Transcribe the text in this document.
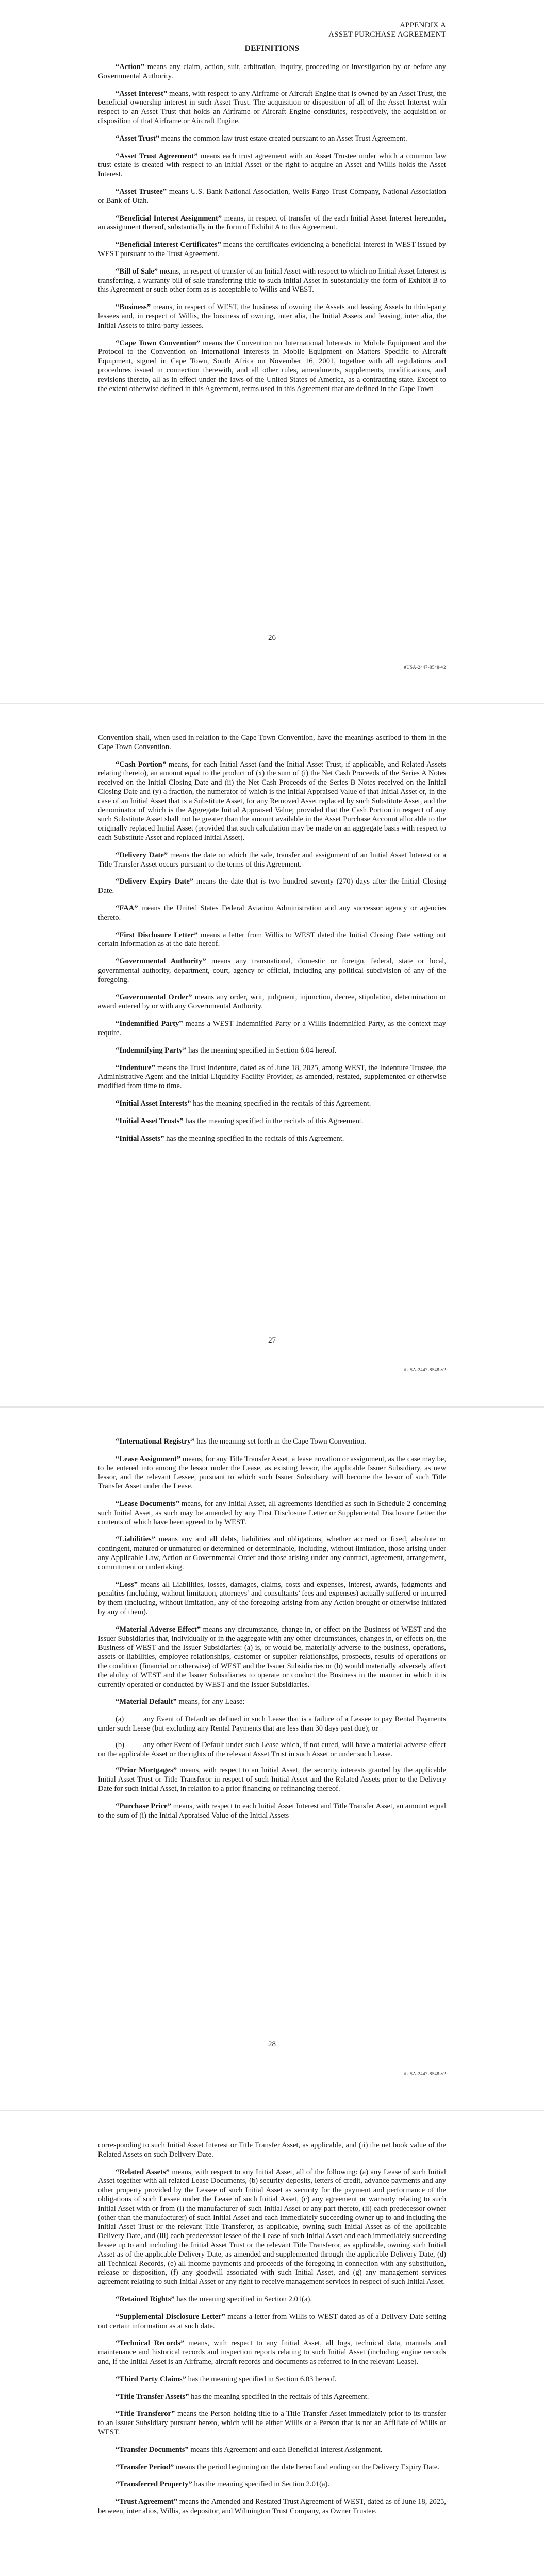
APPENDIX A
ASSET PURCHASE AGREEMENT
DEFINITIONS

“Action” means any claim, action, suit, arbitration, inquiry, proceeding or investigation by or before any Governmental Authority.

“Asset Interest” means, with respect to any Airframe or Aircraft Engine that is owned by an Asset Trust, the beneficial ownership interest in such Asset Trust. The acquisition or disposition of all of the Asset Interest with respect to an Asset Trust that holds an Airframe or Aircraft Engine constitutes, respectively, the acquisition or disposition of that Airframe or Aircraft Engine.

“Asset Trust” means the common law trust estate created pursuant to an Asset Trust Agreement.

“Asset Trust Agreement” means each trust agreement with an Asset Trustee under which a common law trust estate is created with respect to an Initial Asset or the right to acquire an Asset and Willis holds the Asset Interest.

“Asset Trustee” means U.S. Bank National Association, Wells Fargo Trust Company, National Association or Bank of Utah.

“Beneficial Interest Assignment” means, in respect of transfer of the each Initial Asset Interest hereunder, an assignment thereof, substantially in the form of Exhibit A to this Agreement.

“Beneficial Interest Certificates” means the certificates evidencing a beneficial interest in WEST issued by WEST pursuant to the Trust Agreement.

“Bill of Sale” means, in respect of transfer of an Initial Asset with respect to which no Initial Asset Interest is transferring, a warranty bill of sale transferring title to such Initial Asset in substantially the form of Exhibit B to this Agreement or such other form as is acceptable to Willis and WEST.

“Business” means, in respect of WEST, the business of owning the Assets and leasing Assets to third-party lessees and, in respect of Willis, the business of owning, inter alia, the Initial Assets and leasing, inter alia, the Initial Assets to third-party lessees.

“Cape Town Convention” means the Convention on International Interests in Mobile Equipment and the Protocol to the Convention on International Interests in Mobile Equipment on Matters Specific to Aircraft Equipment, signed in Cape Town, South Africa on November 16, 2001, together with all regulations and procedures issued in connection therewith, and all other rules, amendments, supplements, modifications, and revisions thereto, all as in effect under the laws of the United States of America, as a contracting state. Except to the extent otherwise defined in this Agreement, terms used in this Agreement that are defined in the Cape Town

26
#USA-2447-8548-v2

Convention shall, when used in relation to the Cape Town Convention, have the meanings ascribed to them in the Cape Town Convention.

“Cash Portion” means, for each Initial Asset (and the Initial Asset Trust, if applicable, and Related Assets relating thereto), an amount equal to the product of (x) the sum of (i) the Net Cash Proceeds of the Series A Notes received on the Initial Closing Date and (ii) the Net Cash Proceeds of the Series B Notes received on the Initial Closing Date and (y) a fraction, the numerator of which is the Initial Appraised Value of that Initial Asset or, in the case of an Initial Asset that is a Substitute Asset, for any Removed Asset replaced by such Substitute Asset, and the denominator of which is the Aggregate Initial Appraised Value; provided that the Cash Portion in respect of any such Substitute Asset shall not be greater than the amount available in the Asset Purchase Account allocable to the originally replaced Initial Asset (provided that such calculation may be made on an aggregate basis with respect to each Substitute Asset and replaced Initial Asset).

“Delivery Date” means the date on which the sale, transfer and assignment of an Initial Asset Interest or a Title Transfer Asset occurs pursuant to the terms of this Agreement.

“Delivery Expiry Date” means the date that is two hundred seventy (270) days after the Initial Closing Date.

“FAA” means the United States Federal Aviation Administration and any successor agency or agencies thereto.

“First Disclosure Letter” means a letter from Willis to WEST dated the Initial Closing Date setting out certain information as at the date hereof.

“Governmental Authority” means any transnational, domestic or foreign, federal, state or local, governmental authority, department, court, agency or official, including any political subdivision of any of the foregoing.

“Governmental Order” means any order, writ, judgment, injunction, decree, stipulation, determination or award entered by or with any Governmental Authority.

“Indemnified Party” means a WEST Indemnified Party or a Willis Indemnified Party, as the context may require.

“Indemnifying Party” has the meaning specified in Section 6.04 hereof.

“Indenture” means the Trust Indenture, dated as of June 18, 2025, among WEST, the Indenture Trustee, the Administrative Agent and the Initial Liquidity Facility Provider, as amended, restated, supplemented or otherwise modified from time to time.

“Initial Asset Interests” has the meaning specified in the recitals of this Agreement.

“Initial Asset Trusts” has the meaning specified in the recitals of this Agreement.

“Initial Assets” has the meaning specified in the recitals of this Agreement.

27
#USA-2447-8548-v2

“International Registry” has the meaning set forth in the Cape Town Convention.

“Lease Assignment” means, for any Title Transfer Asset, a lease novation or assignment, as the case may be, to be entered into among the lessor under the Lease, as existing lessor, the applicable Issuer Subsidiary, as new lessor, and the relevant Lessee, pursuant to which such Issuer Subsidiary will become the lessor of such Title Transfer Asset under the Lease.

“Lease Documents” means, for any Initial Asset, all agreements identified as such in Schedule 2 concerning such Initial Asset, as such may be amended by any First Disclosure Letter or Supplemental Disclosure Letter the contents of which have been agreed to by WEST.

“Liabilities” means any and all debts, liabilities and obligations, whether accrued or fixed, absolute or contingent, matured or unmatured or determined or determinable, including, without limitation, those arising under any Applicable Law, Action or Governmental Order and those arising under any contract, agreement, arrangement, commitment or undertaking.

“Loss” means all Liabilities, losses, damages, claims, costs and expenses, interest, awards, judgments and penalties (including, without limitation, attorneys’ and consultants’ fees and expenses) actually suffered or incurred by them (including, without limitation, any of the foregoing arising from any Action brought or otherwise initiated by any of them).

“Material Adverse Effect” means any circumstance, change in, or effect on the Business of WEST and the Issuer Subsidiaries that, individually or in the aggregate with any other circumstances, changes in, or effects on, the Business of WEST and the Issuer Subsidiaries: (a) is, or would be, materially adverse to the business, operations, assets or liabilities, employee relationships, customer or supplier relationships, prospects, results of operations or the condition (financial or otherwise) of WEST and the Issuer Subsidiaries or (b) would materially adversely affect the ability of WEST and the Issuer Subsidiaries to operate or conduct the Business in the manner in which it is currently operated or conducted by WEST and the Issuer Subsidiaries.

“Material Default” means, for any Lease:

(a)	any Event of Default as defined in such Lease that is a failure of a Lessee to pay Rental Payments under such Lease (but excluding any Rental Payments that are less than 30 days past due); or
(b)	any other Event of Default under such Lease which, if not cured, will have a material adverse effect on the applicable Asset or the rights of the relevant Asset Trust in such Asset or under such Lease.

“Prior Mortgages” means, with respect to an Initial Asset, the security interests granted by the applicable Initial Asset Trust or Title Transferor in respect of such Initial Asset and the Related Assets prior to the Delivery Date for such Initial Asset, in relation to a prior financing or refinancing thereof.

“Purchase Price” means, with respect to each Initial Asset Interest and Title Transfer Asset, an amount equal to the sum of (i) the Initial Appraised Value of the Initial Assets

28
#USA-2447-8548-v2

corresponding to such Initial Asset Interest or Title Transfer Asset, as applicable, and (ii) the net book value of the Related Assets on such Delivery Date.

“Related Assets” means, with respect to any Initial Asset, all of the following: (a) any Lease of such Initial Asset together with all related Lease Documents, (b) security deposits, letters of credit, advance payments and any other property provided by the Lessee of such Initial Asset as security for the payment and performance of the obligations of such Lessee under the Lease of such Initial Asset, (c) any agreement or warranty relating to such Initial Asset with or from (i) the manufacturer of such Initial Asset or any part thereto, (ii) each predecessor owner (other than the manufacturer) of such Initial Asset and each immediately succeeding owner up to and including the Initial Asset Trust or the relevant Title Transferor, as applicable, owning such Initial Asset as of the applicable Delivery Date, and (iii) each predecessor lessee of the Lease of such Initial Asset and each immediately succeeding lessee up to and including the Initial Asset Trust or the relevant Title Transferor, as applicable, owning such Initial Asset as of the applicable Delivery Date, as amended and supplemented through the applicable Delivery Date, (d) all Technical Records, (e) all income payments and proceeds of the foregoing in connection with any substitution, release or disposition, (f) any goodwill associated with such Initial Asset, and (g) any management services agreement relating to such Initial Asset or any right to receive management services in respect of such Initial Asset.

“Retained Rights” has the meaning specified in Section 2.01(a).

“Supplemental Disclosure Letter” means a letter from Willis to WEST dated as of a Delivery Date setting out certain information as at such date.

“Technical Records” means, with respect to any Initial Asset, all logs, technical data, manuals and maintenance and historical records and inspection reports relating to such Initial Asset (including engine records and, if the Initial Asset is an Airframe, aircraft records and documents as referred to in the relevant Lease).

“Third Party Claims” has the meaning specified in Section 6.03 hereof.

“Title Transfer Assets” has the meaning specified in the recitals of this Agreement.

“Title Transferor” means the Person holding title to a Title Transfer Asset immediately prior to its transfer to an Issuer Subsidiary pursuant hereto, which will be either Willis or a Person that is not an Affiliate of Willis or WEST.

“Transfer Documents” means this Agreement and each Beneficial Interest Assignment.

“Transfer Period” means the period beginning on the date hereof and ending on the Delivery Expiry Date.

“Transferred Property” has the meaning specified in Section 2.01(a).

“Trust Agreement” means the Amended and Restated Trust Agreement of WEST, dated as of June 18, 2025, between, inter alios, Willis, as depositor, and Wilmington Trust Company, as Owner Trustee.
